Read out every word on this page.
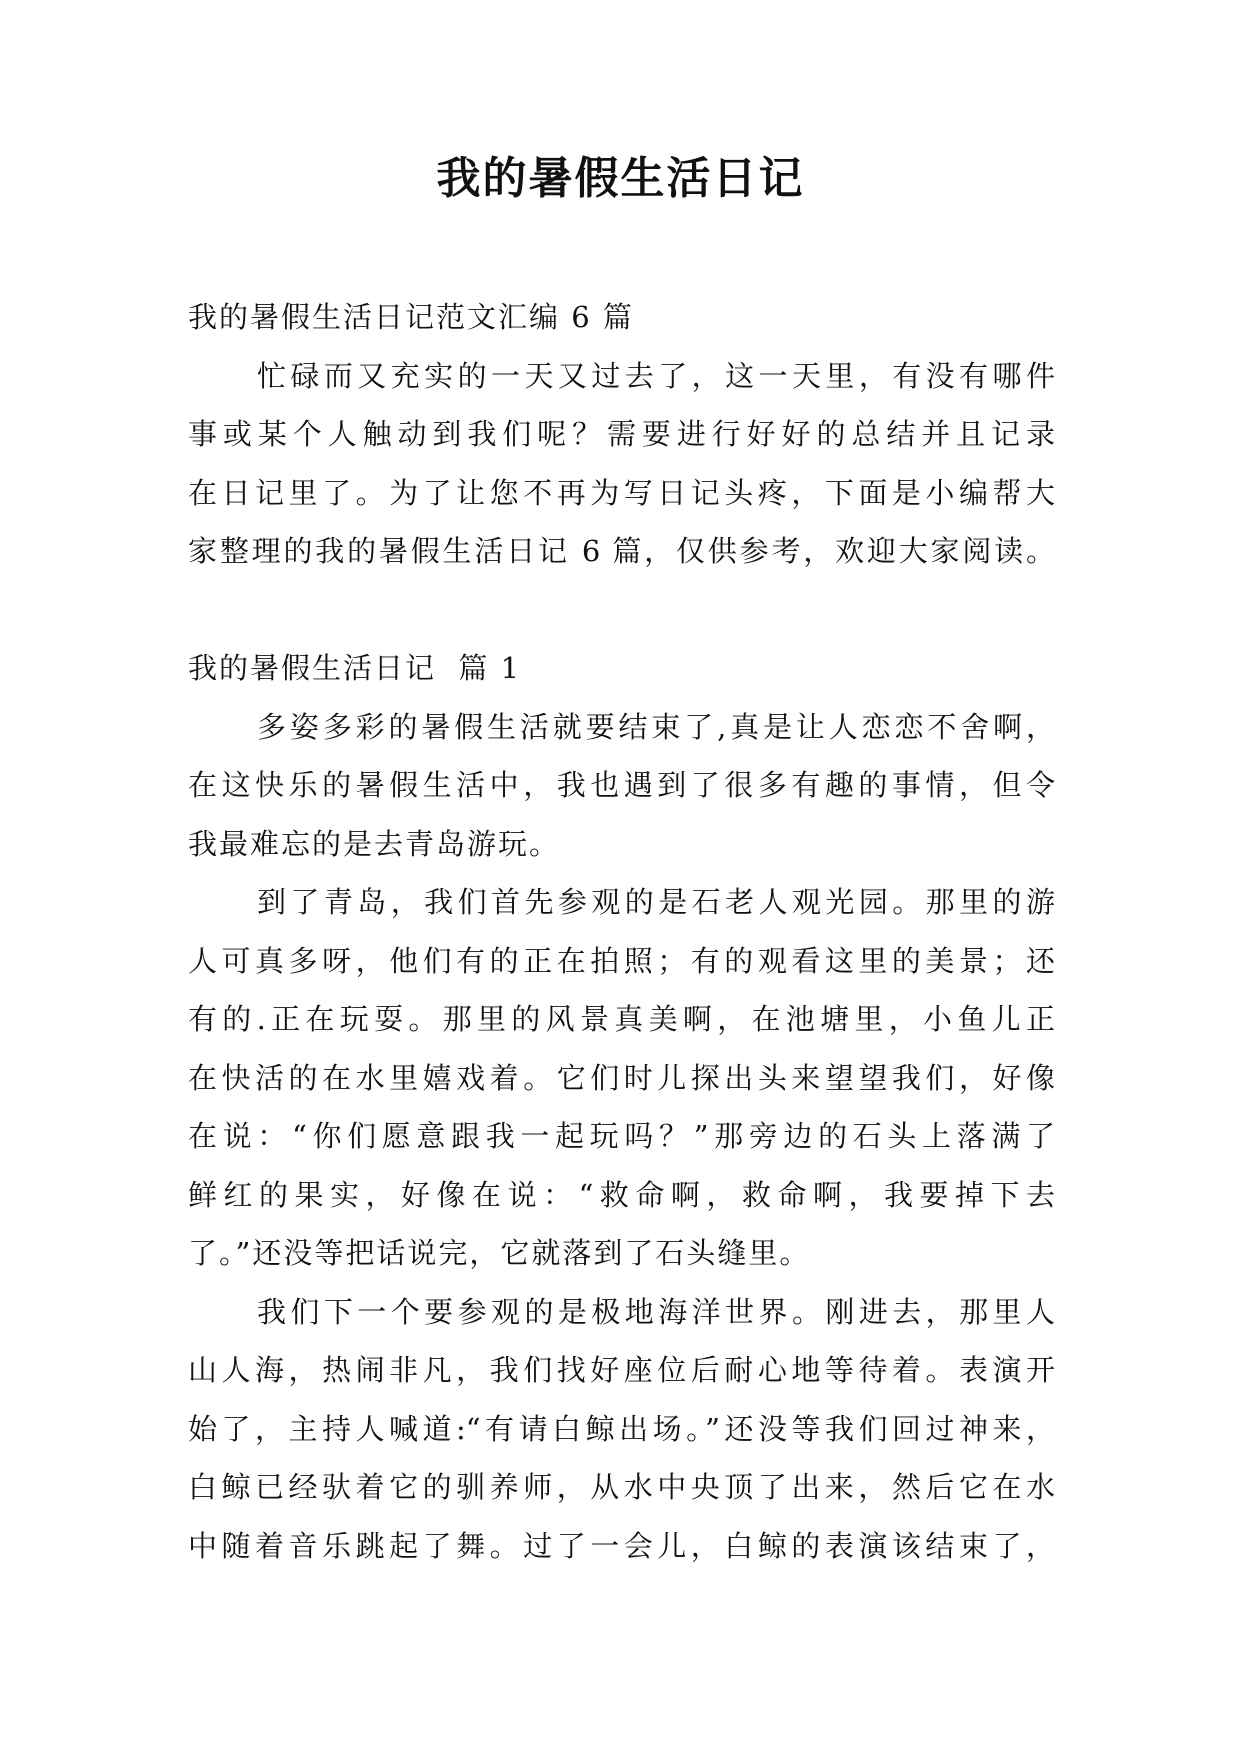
我的暑假生活日记
我的暑假生活日记范文汇编 6 篇
忙碌而又充实的一天又过去了，这一天里，有没有哪件
事或某个人触动到我们呢？需要进行好好的总结并且记录
在日记里了。为了让您不再为写日记头疼，下面是小编帮大
家整理的我的暑假生活日记 6 篇，仅供参考，欢迎大家阅读。
我的暑假生活日记  篇 1
多姿多彩的暑假生活就要结束了,真是让人恋恋不舍啊，
在这快乐的暑假生活中，我也遇到了很多有趣的事情，但令
我最难忘的是去青岛游玩。
到了青岛，我们首先参观的是石老人观光园。那里的游
人可真多呀，他们有的正在拍照；有的观看这里的美景；还
有的.正在玩耍。那里的风景真美啊，在池塘里，小鱼儿正
在快活的在水里嬉戏着。它们时儿探出头来望望我们，好像
在说：“你们愿意跟我一起玩吗？”那旁边的石头上落满了
鲜红的果实，好像在说：“救命啊，救命啊，我要掉下去
了。”还没等把话说完，它就落到了石头缝里。
我们下一个要参观的是极地海洋世界。刚进去，那里人
山人海，热闹非凡，我们找好座位后耐心地等待着。表演开
始了，主持人喊道:“有请白鲸出场。”还没等我们回过神来，
白鲸已经驮着它的驯养师，从水中央顶了出来，然后它在水
中随着音乐跳起了舞。过了一会儿，白鲸的表演该结束了，
